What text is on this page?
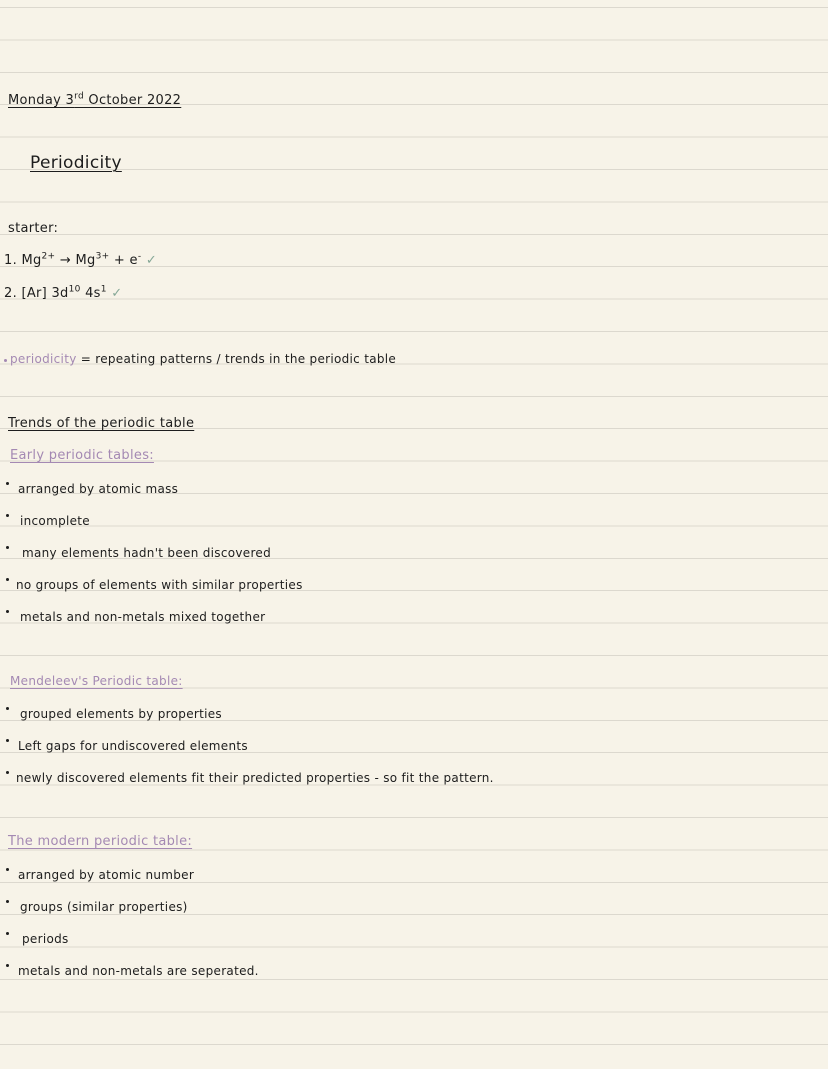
Monday 3rd October 2022
Periodicity
starter:
1. $Mg^{2+} \to Mg^{3+} + e^-$ ✓
2. [Ar] $3d^{10}$ $4s^1$ ✓
periodicity = repeating patterns / trends in the periodic table
Trends of the periodic table
Early periodic tables:
arranged by atomic mass
incomplete
many elements hadn't been discovered
no groups of elements with similar properties
metals and non-metals mixed together
Mendeleev's Periodic table:
grouped elements by properties
Left gaps for undiscovered elements
newly discovered elements fit their predicted properties - so fit the pattern.
The modern periodic table:
arranged by atomic number
groups (similar properties)
periods
metals and non-metals are seperated.
